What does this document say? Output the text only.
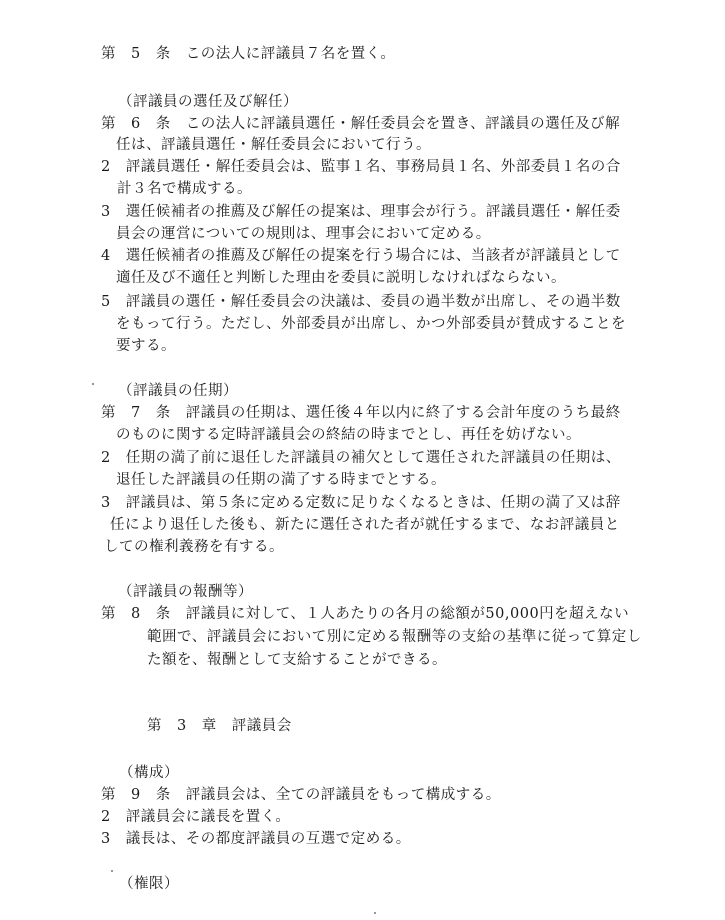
第　5　条　この法人に評議員７名を置く。
（評議員の選任及び解任）
第　6　条　この法人に評議員選任・解任委員会を置き、評議員の選任及び解
任は、評議員選任・解任委員会において行う。
2　評議員選任・解任委員会は、監事１名、事務局員１名、外部委員１名の合
計３名で構成する。
3　選任候補者の推薦及び解任の提案は、理事会が行う。評議員選任・解任委
員会の運営についての規則は、理事会において定める。
4　選任候補者の推薦及び解任の提案を行う場合には、当該者が評議員として
適任及び不適任と判断した理由を委員に説明しなければならない。
5　評議員の選任・解任委員会の決議は、委員の過半数が出席し、その過半数
をもって行う。ただし、外部委員が出席し、かつ外部委員が賛成することを
要する。
（評議員の任期）
第　7　条　評議員の任期は、選任後４年以内に終了する会計年度のうち最終
のものに関する定時評議員会の終結の時までとし、再任を妨げない。
2　任期の満了前に退任した評議員の補欠として選任された評議員の任期は、
退任した評議員の任期の満了する時までとする。
3　評議員は、第５条に定める定数に足りなくなるときは、任期の満了又は辞
任により退任した後も、新たに選任された者が就任するまで、なお評議員と
しての権利義務を有する。
（評議員の報酬等）
第　8　条　評議員に対して、１人あたりの各月の総額が50,000円を超えない
範囲で、評議員会において別に定める報酬等の支給の基準に従って算定し
た額を、報酬として支給することができる。
第　3　章　評議員会
（構成）
第　9　条　評議員会は、全ての評議員をもって構成する。
2　評議員会に議長を置く。
3　議長は、その都度評議員の互選で定める。
（権限）
